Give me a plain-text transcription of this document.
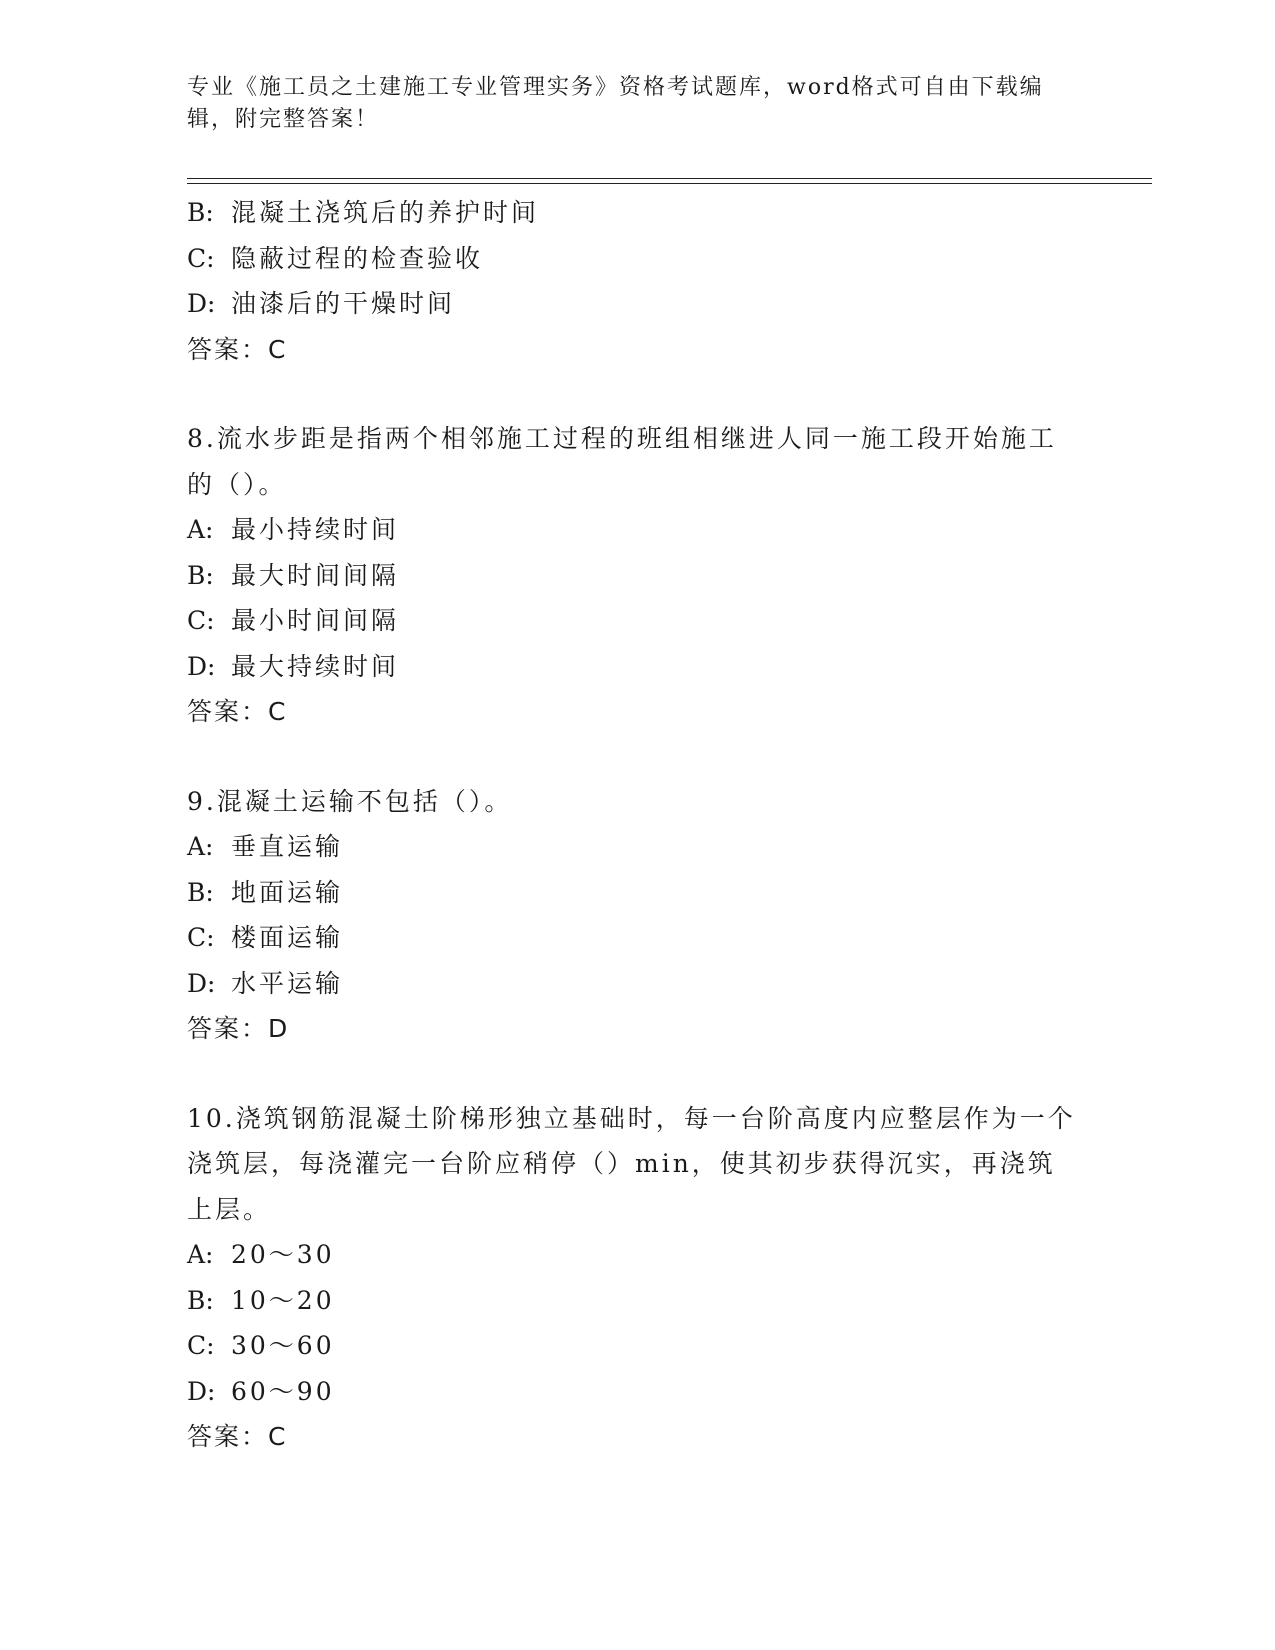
专业《施工员之土建施工专业管理实务》资格考试题库，word格式可自由下载编辑，附完整答案！
B: 混凝土浇筑后的养护时间
C: 隐蔽过程的检查验收
D: 油漆后的干燥时间
答案：C
8.流水步距是指两个相邻施工过程的班组相继进人同一施工段开始施工的（）。
A: 最小持续时间
B: 最大时间间隔
C: 最小时间间隔
D: 最大持续时间
答案：C
9.混凝土运输不包括（）。
A: 垂直运输
B: 地面运输
C: 楼面运输
D: 水平运输
答案：D
10.浇筑钢筋混凝土阶梯形独立基础时，每一台阶高度内应整层作为一个浇筑层，每浇灌完一台阶应稍停（）min，使其初步获得沉实，再浇筑上层。
A: 20～30
B: 10～20
C: 30～60
D: 60～90
答案：C
